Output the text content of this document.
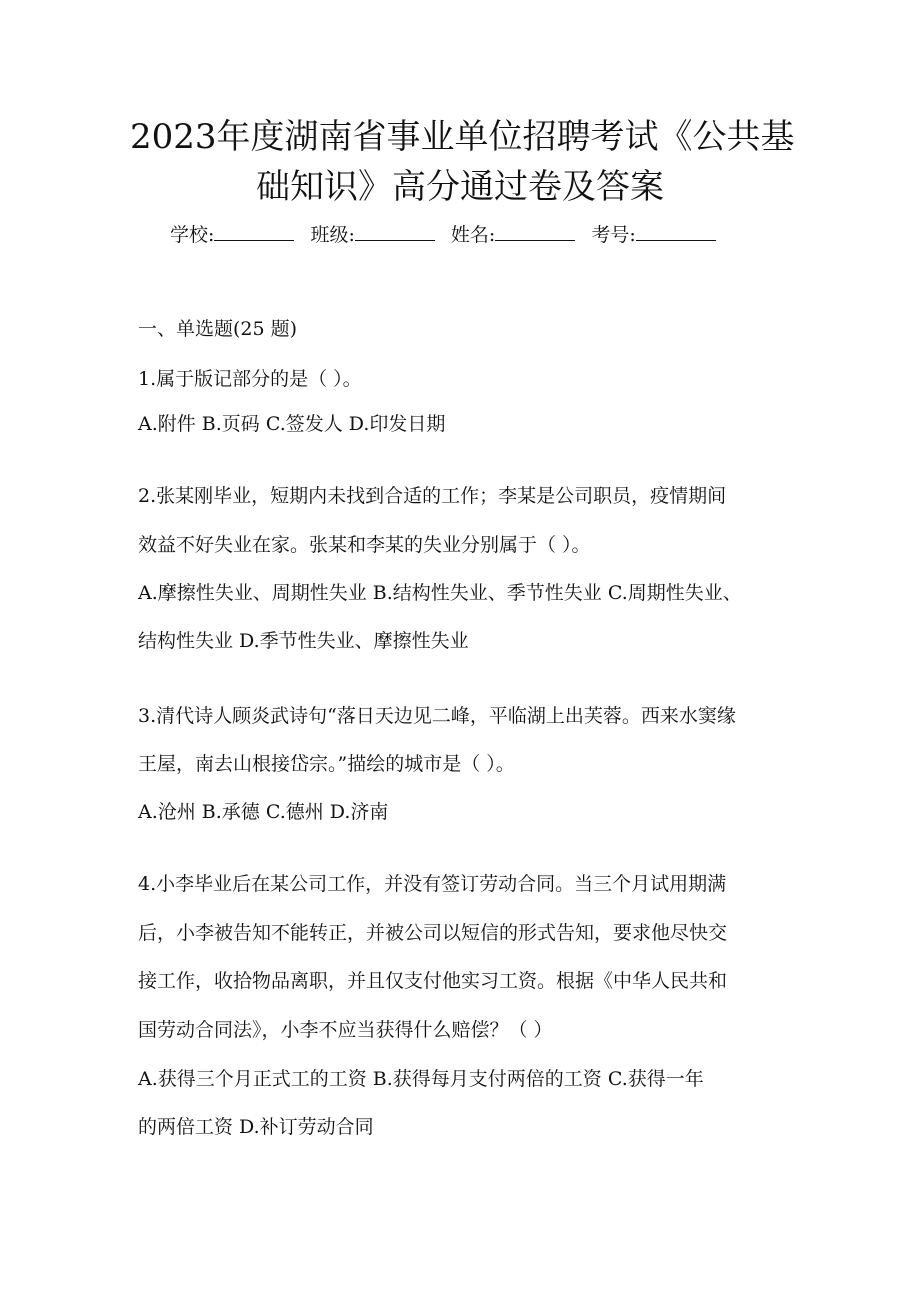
2023年度湖南省事业单位招聘考试《公共基
础知识》高分通过卷及答案
学校:	班级:	姓名:	考号:
一、单选题(25 题)
1.属于版记部分的是（ ）。
A.附件 B.页码 C.签发人 D.印发日期
2.张某刚毕业，短期内未找到合适的工作；李某是公司职员，疫情期间
效益不好失业在家。张某和李某的失业分别属于（ ）。
A.摩擦性失业、周期性失业 B.结构性失业、季节性失业 C.周期性失业、
结构性失业 D.季节性失业、摩擦性失业
3.清代诗人顾炎武诗句“落日天边见二峰，平临湖上出芙蓉。西来水窦缘
王屋，南去山根接岱宗。”描绘的城市是（ ）。
A.沧州 B.承德 C.德州 D.济南
4.小李毕业后在某公司工作，并没有签订劳动合同。当三个月试用期满
后，小李被告知不能转正，并被公司以短信的形式告知，要求他尽快交
接工作，收拾物品离职，并且仅支付他实习工资。根据《中华人民共和
国劳动合同法》，小李不应当获得什么赔偿？（ ）
A.获得三个月正式工的工资 B.获得每月支付两倍的工资 C.获得一年
的两倍工资 D.补订劳动合同
